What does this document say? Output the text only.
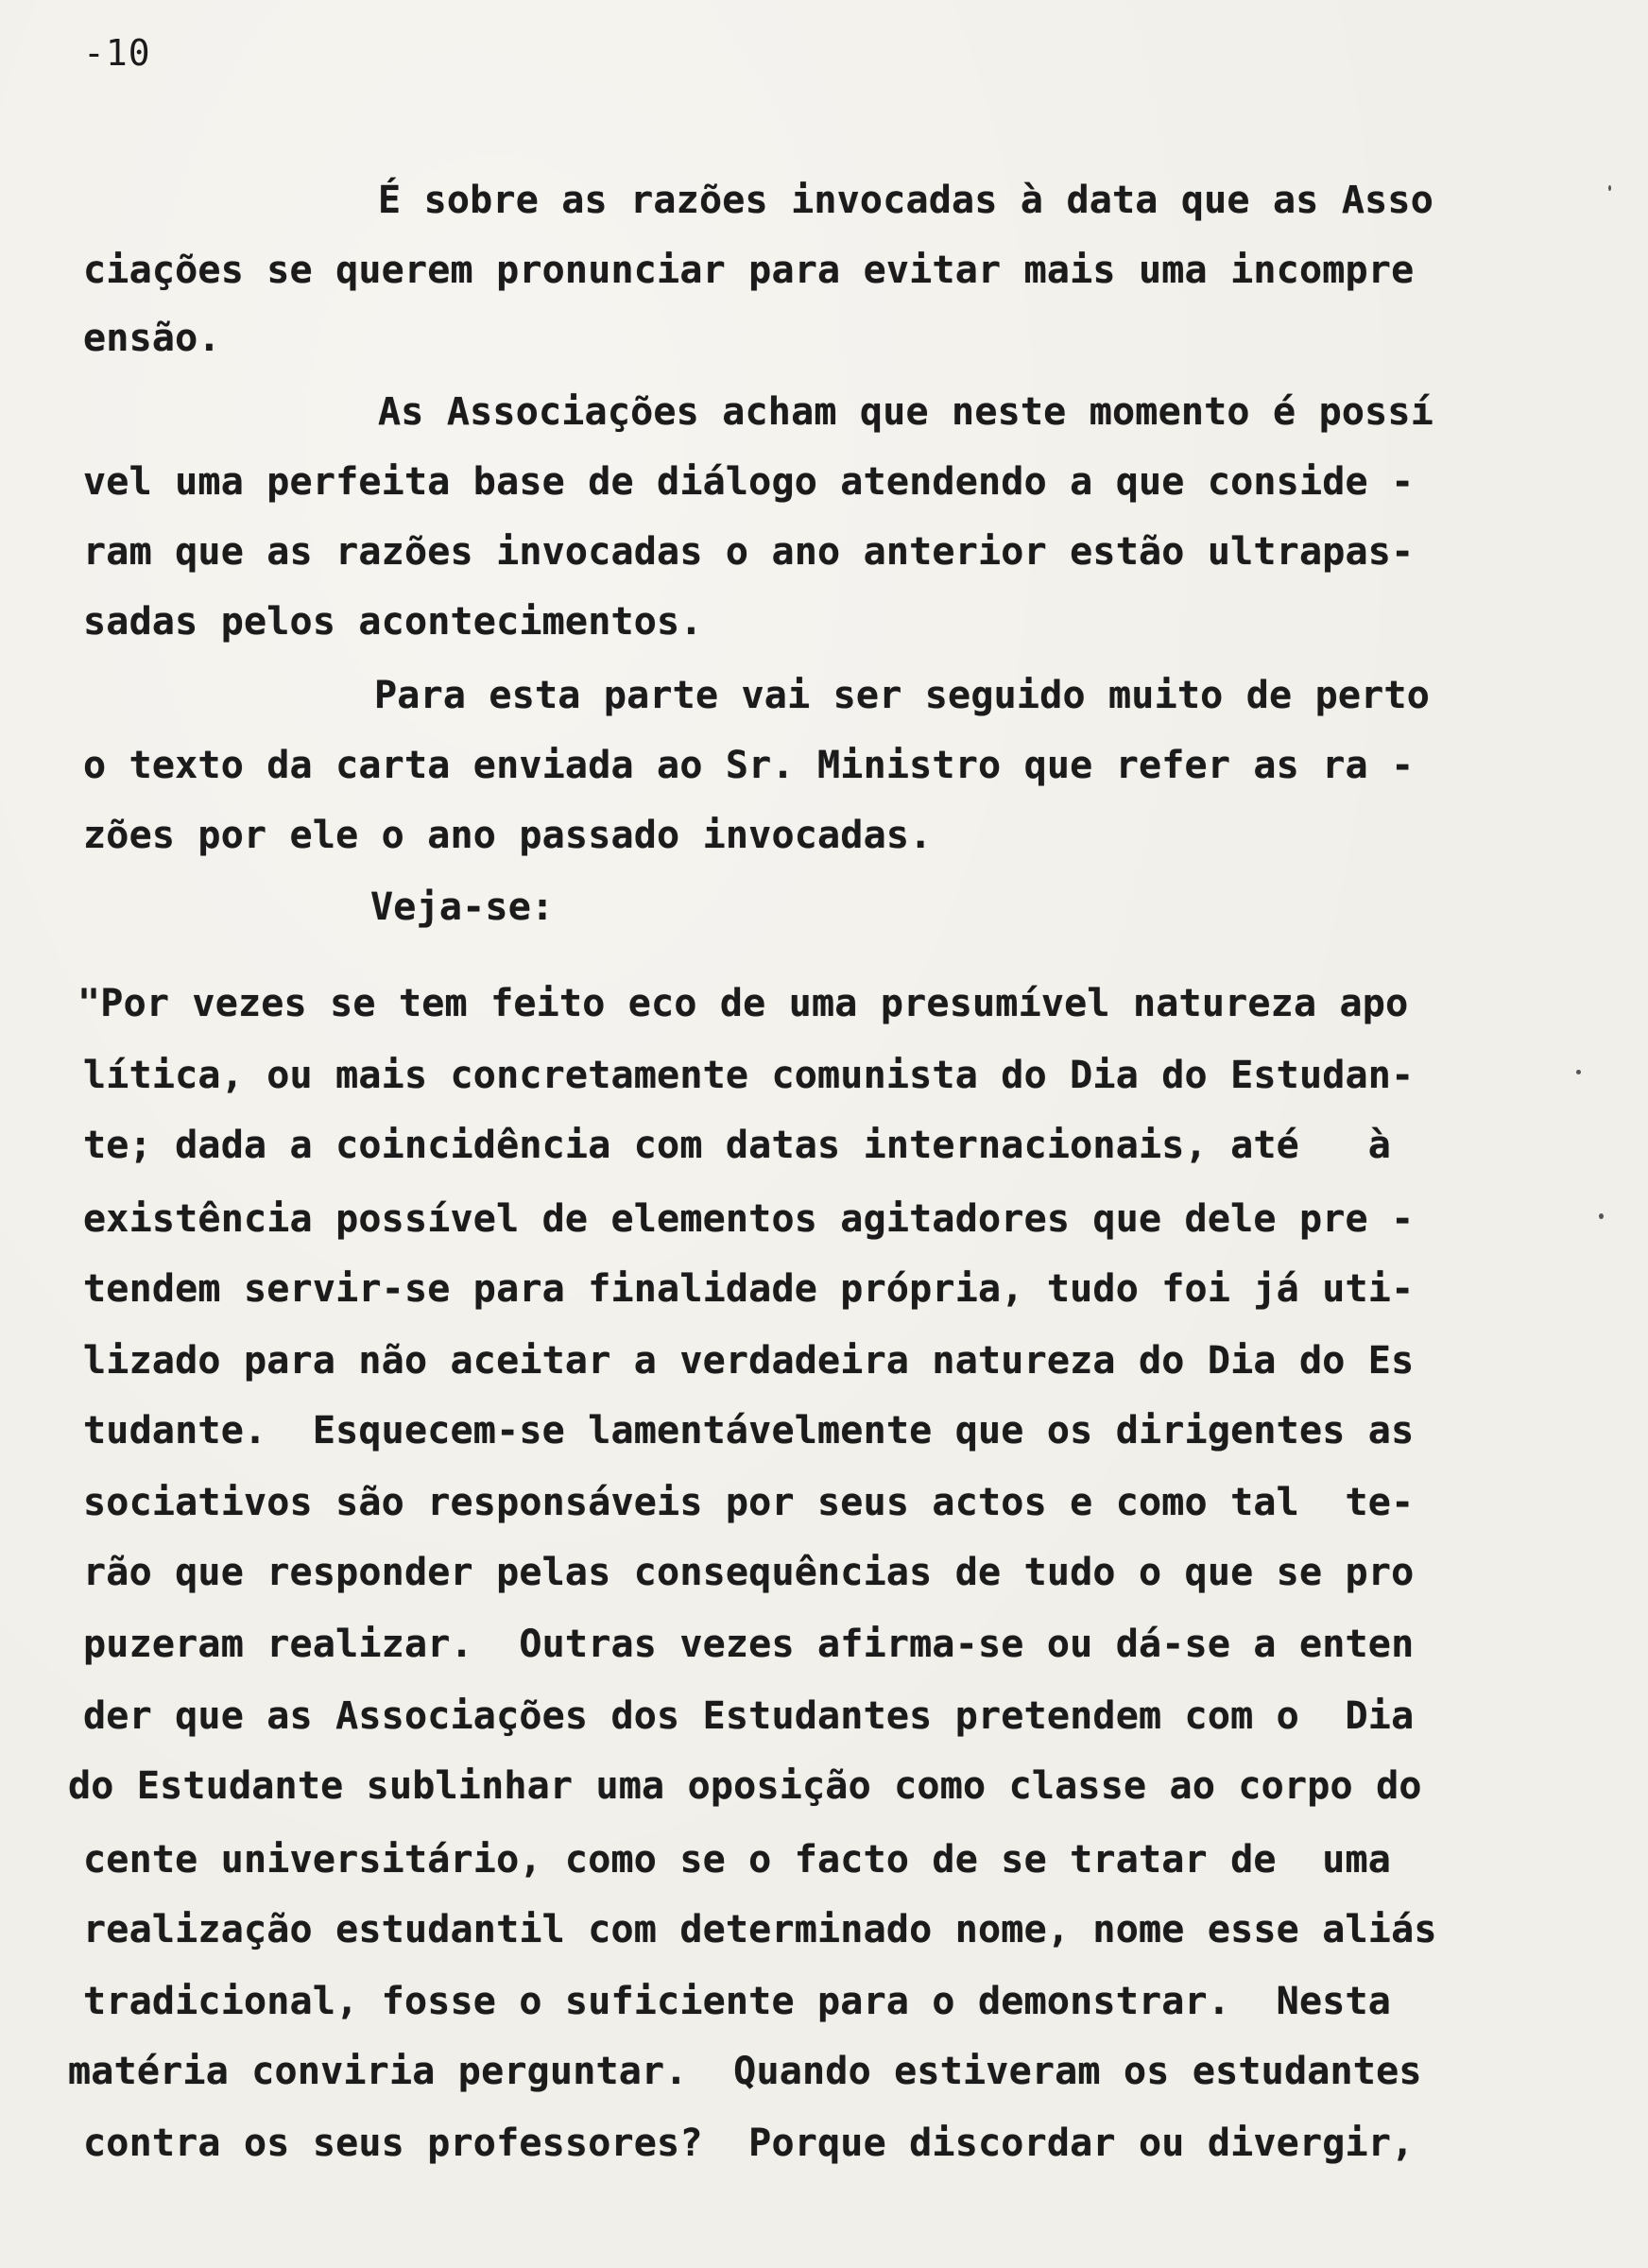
-10
É sobre as razões invocadas à data que as Asso
ciações se querem pronunciar para evitar mais uma incompre
ensão.
As Associações acham que neste momento é possí
vel uma perfeita base de diálogo atendendo a que conside -
ram que as razões invocadas o ano anterior estão ultrapas-
sadas pelos acontecimentos.
Para esta parte vai ser seguido muito de perto
o texto da carta enviada ao Sr. Ministro que refer as ra -
zões por ele o ano passado invocadas.
Veja-se:
"Por vezes se tem feito eco de uma presumível natureza apo
lítica, ou mais concretamente comunista do Dia do Estudan-
te; dada a coincidência com datas internacionais, até   à
existência possível de elementos agitadores que dele pre -
tendem servir-se para finalidade própria, tudo foi já uti-
lizado para não aceitar a verdadeira natureza do Dia do Es
tudante.  Esquecem-se lamentávelmente que os dirigentes as
sociativos são responsáveis por seus actos e como tal  te-
rão que responder pelas consequências de tudo o que se pro
puzeram realizar.  Outras vezes afirma-se ou dá-se a enten
der que as Associações dos Estudantes pretendem com o  Dia
do Estudante sublinhar uma oposição como classe ao corpo do
cente universitário, como se o facto de se tratar de  uma
realização estudantil com determinado nome, nome esse aliás
tradicional, fosse o suficiente para o demonstrar.  Nesta
matéria conviria perguntar.  Quando estiveram os estudantes
contra os seus professores?  Porque discordar ou divergir,
